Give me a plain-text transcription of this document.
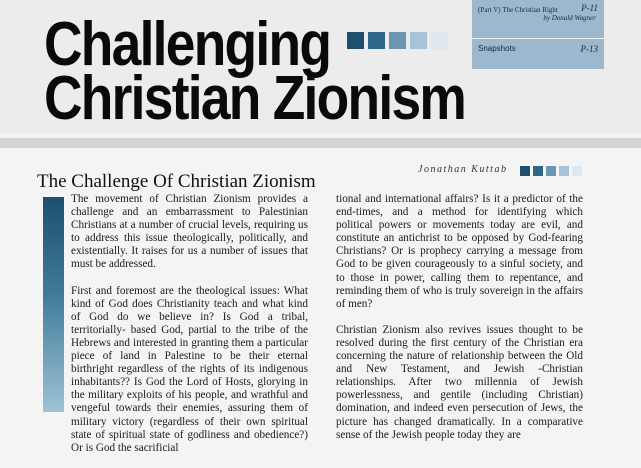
Challenging
Christian Zionism
(Part V) The Christian Right	P-11
by Donald Wagner
Snapshots	P-13
Jonathan Kuttab
The Challenge Of Christian Zionism

The movement of Christian Zionism provides a challenge and an embarrassment to Palestinian Christians at a number of crucial levels, requiring us to address this issue theologically, politically, and existentially. It raises for us a number of issues that must be addressed.

First and foremost are the theological issues: What kind of God does Christianity teach and what kind of God do we believe in? Is God a tribal, territorially- based God, partial to the tribe of the Hebrews and interested in granting them a particular piece of land in Palestine to be their eternal birthright regardless of the rights of its indigenous inhabitants?? Is God the Lord of Hosts, glorying in the military exploits of his people, and wrathful and vengeful towards their enemies, assuring them of military victory (regardless of their own spiritual state of spiritual state of godliness and obedience?) Or is God the sacrificial

tional and international affairs? Is it a predictor of the end-times, and a method for identifying which political powers or movements today are evil, and constitute an antichrist to be opposed by God-fearing Christians? Or is prophecy carrying a message from God to be given courageously to a sinful society, and to those in power, calling them to repentance, and reminding them of who is truly sovereign in the affairs of men?

Christian Zionism also revives issues thought to be resolved during the first century of the Christian era concerning the nature of relationship between the Old and New Testament, and Jewish -Christian relationships. After two millennia of Jewish powerlessness, and gentile (including Christian) domination, and indeed even persecution of Jews, the picture has changed dramatically. In a comparative sense of the Jewish people today they are
